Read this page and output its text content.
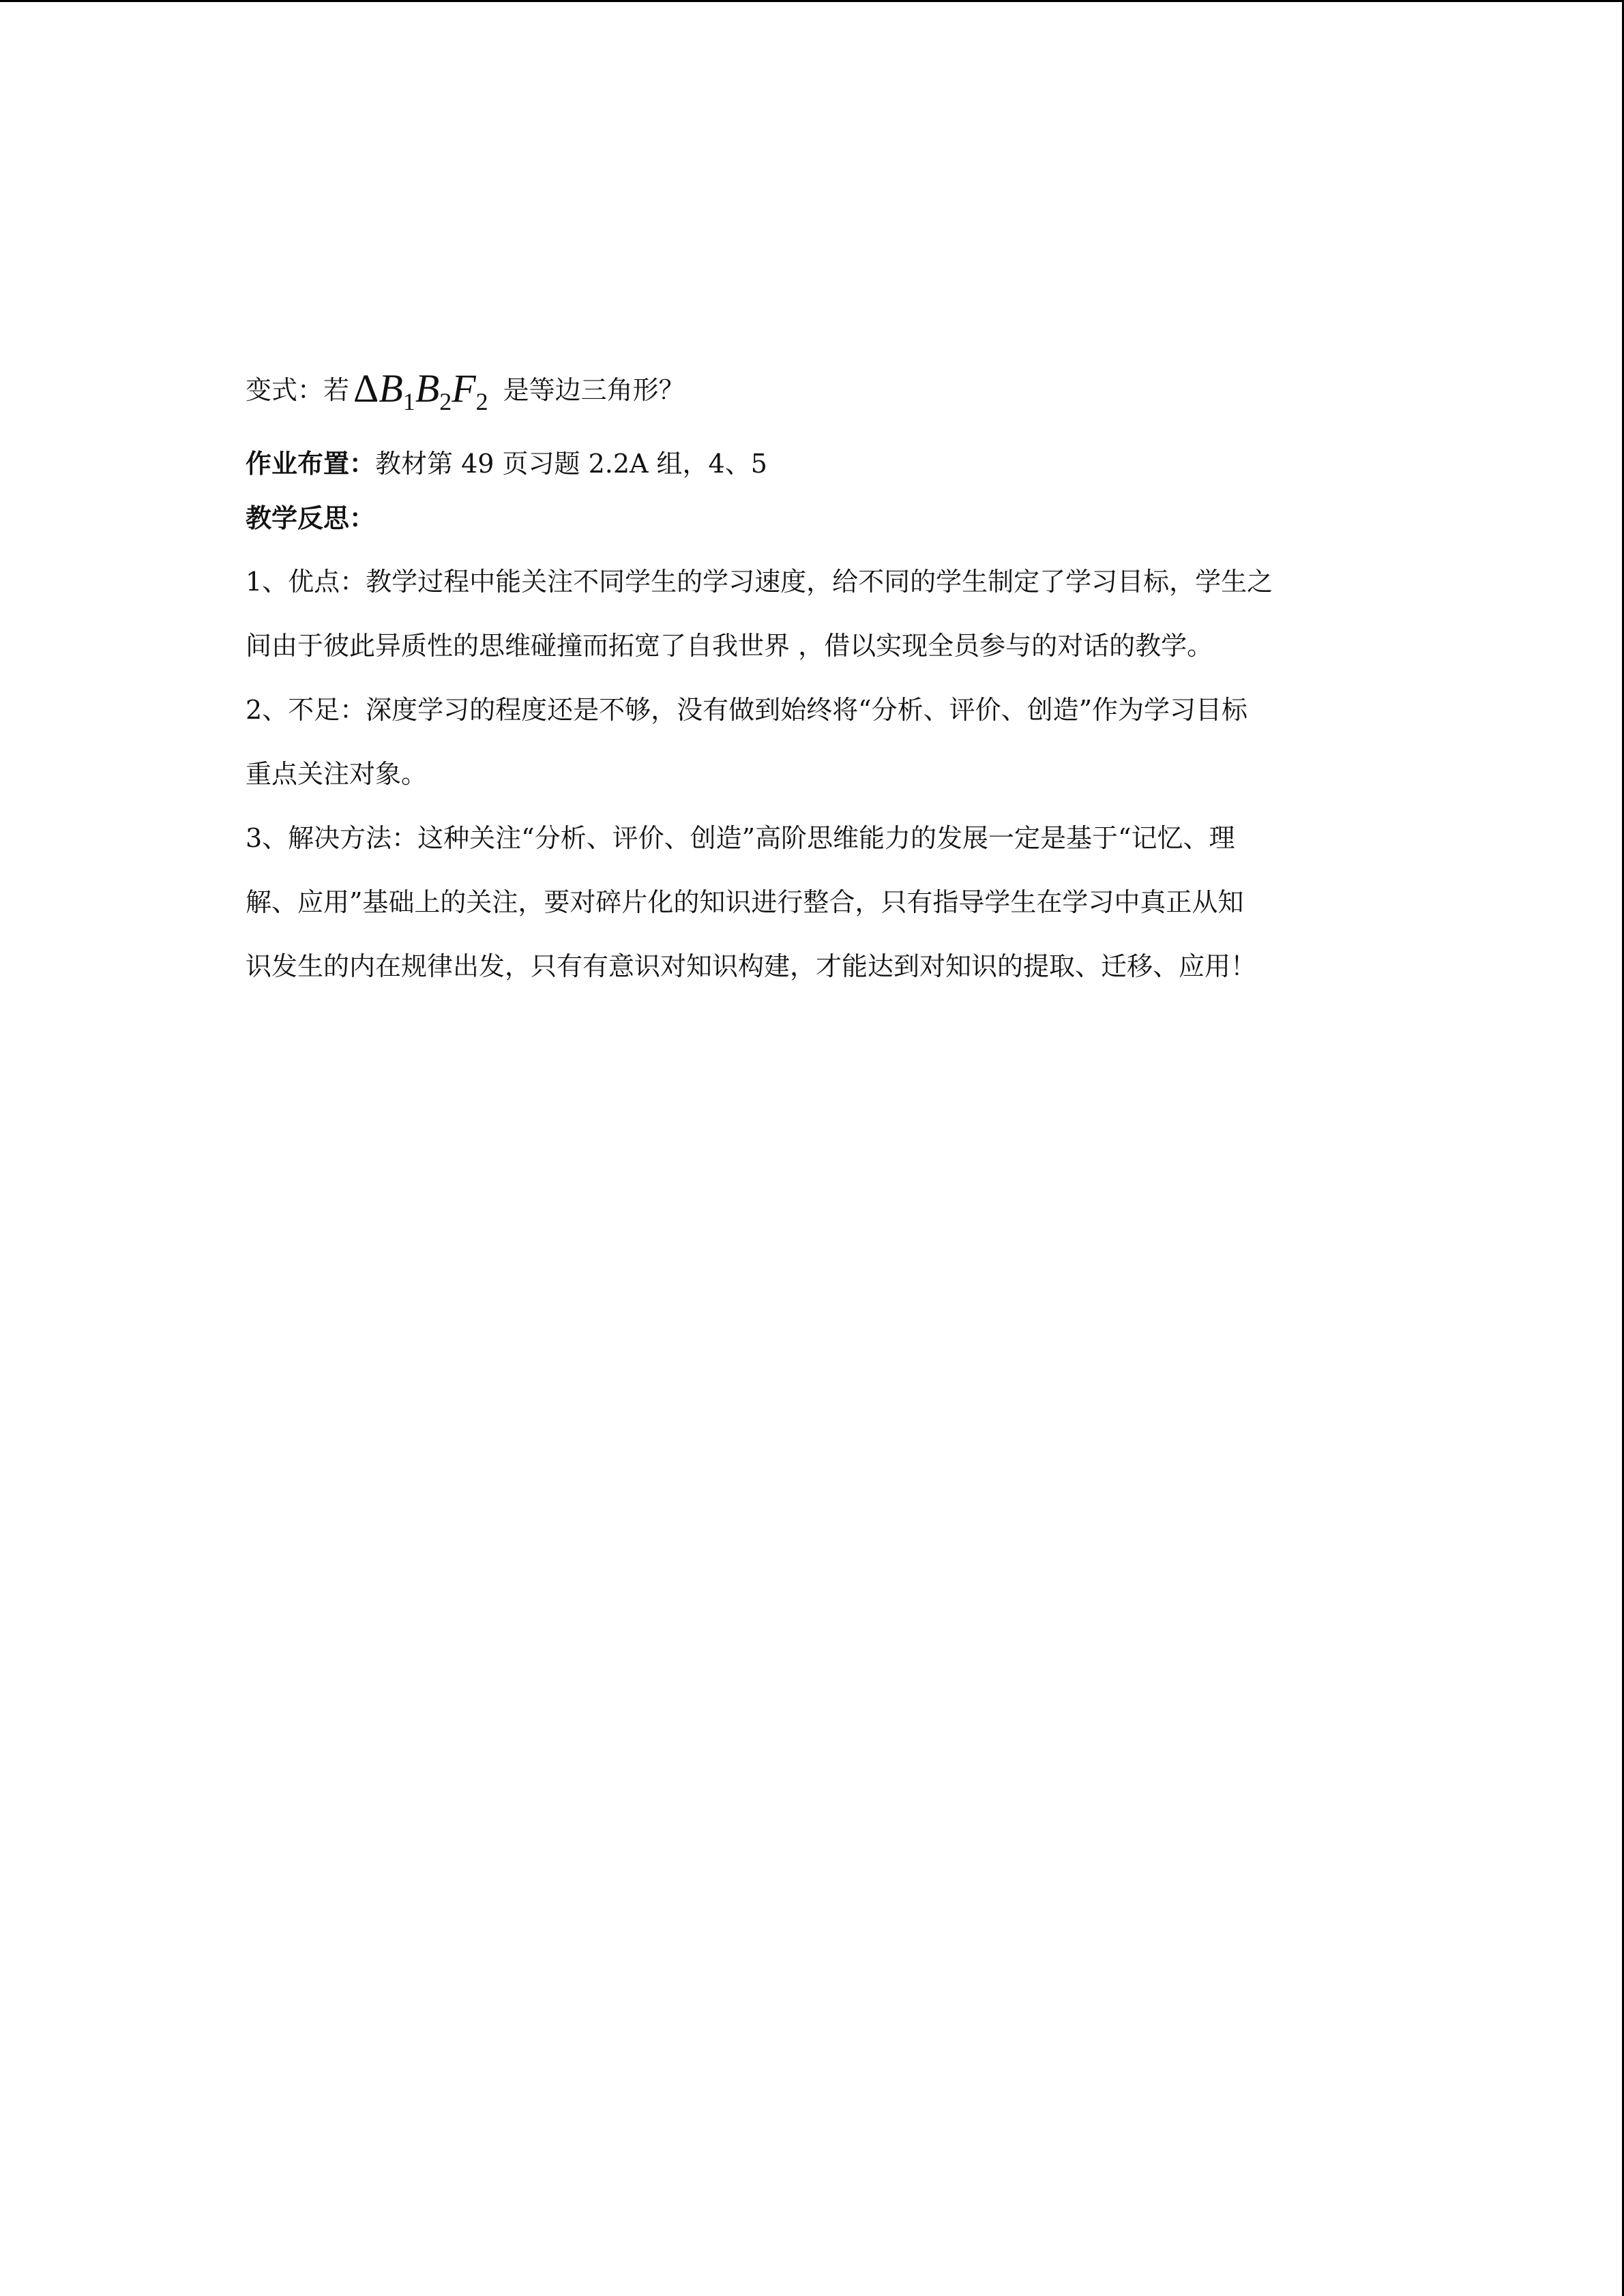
变式：若 $\Delta B_1B_2F_2$ 是等边三角形？
作业布置：教材第 49 页习题 2.2A 组，4、5
教学反思：
1、优点：教学过程中能关注不同学生的学习速度，给不同的学生制定了学习目标，学生之
间由于彼此异质性的思维碰撞而拓宽了自我世界 ，借以实现全员参与的对话的教学。
2、不足：深度学习的程度还是不够，没有做到始终将“分析、评价、创造”作为学习目标
重点关注对象。
3、解决方法：这种关注“分析、评价、创造”高阶思维能力的发展一定是基于“记忆、理
解、应用”基础上的关注，要对碎片化的知识进行整合，只有指导学生在学习中真正从知
识发生的内在规律出发，只有有意识对知识构建，才能达到对知识的提取、迁移、应用！
